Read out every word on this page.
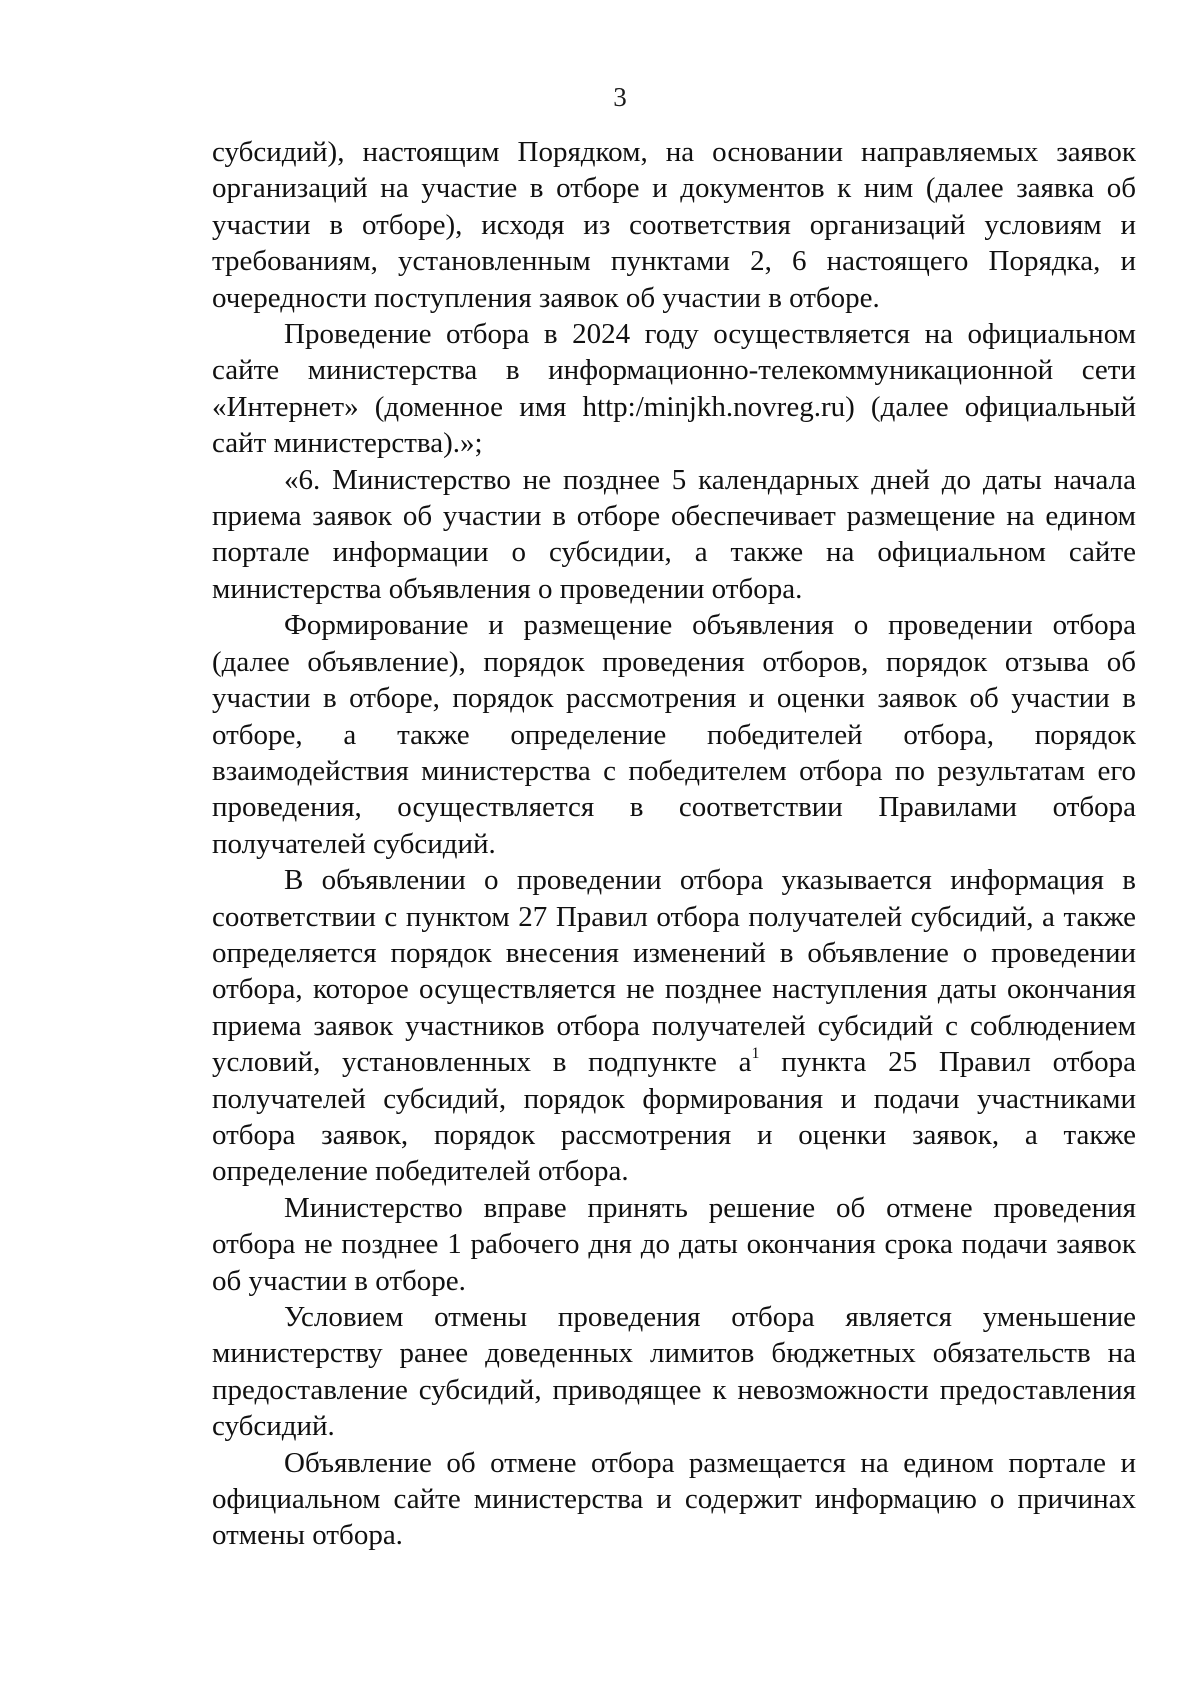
3

субсидий), настоящим Порядком, на основании направляемых заявок организаций на участие в отборе и документов к ним (далее заявка об участии в отборе), исходя из соответствия организаций условиям и требованиям, установленным пунктами 2, 6 настоящего Порядка, и очередности поступления заявок об участии в отборе.

Проведение отбора в 2024 году осуществляется на официальном сайте министерства в информационно-телекоммуникационной сети «Интернет» (доменное имя http:/minjkh.novreg.ru) (далее официальный сайт министерства).»;

«6. Министерство не позднее 5 календарных дней до даты начала приема заявок об участии в отборе обеспечивает размещение на едином портале информации о субсидии, а также на официальном сайте министерства объявления о проведении отбора.

Формирование и размещение объявления о проведении отбора (далее объявление), порядок проведения отборов, порядок отзыва об участии в отборе, порядок рассмотрения и оценки заявок об участии в отборе, а также определение победителей отбора, порядок взаимодействия министерства с победителем отбора по результатам его проведения, осуществляется в соответствии Правилами отбора получателей субсидий.

В объявлении о проведении отбора указывается информация в соответствии с пунктом 27 Правил отбора получателей субсидий, а также определяется порядок внесения изменений в объявление о проведении отбора, которое осуществляется не позднее наступления даты окончания приема заявок участников отбора получателей субсидий с соблюдением условий, установленных в подпункте $а^1$ пункта 25 Правил отбора получателей субсидий, порядок формирования и подачи участниками отбора заявок, порядок рассмотрения и оценки заявок, а также определение победителей отбора.

Министерство вправе принять решение об отмене проведения отбора не позднее 1 рабочего дня до даты окончания срока подачи заявок об участии в отборе.

Условием отмены проведения отбора является уменьшение министерству ранее доведенных лимитов бюджетных обязательств на предоставление субсидий, приводящее к невозможности предоставления субсидий.

Объявление об отмене отбора размещается на едином портале и официальном сайте министерства и содержит информацию о причинах отмены отбора.
